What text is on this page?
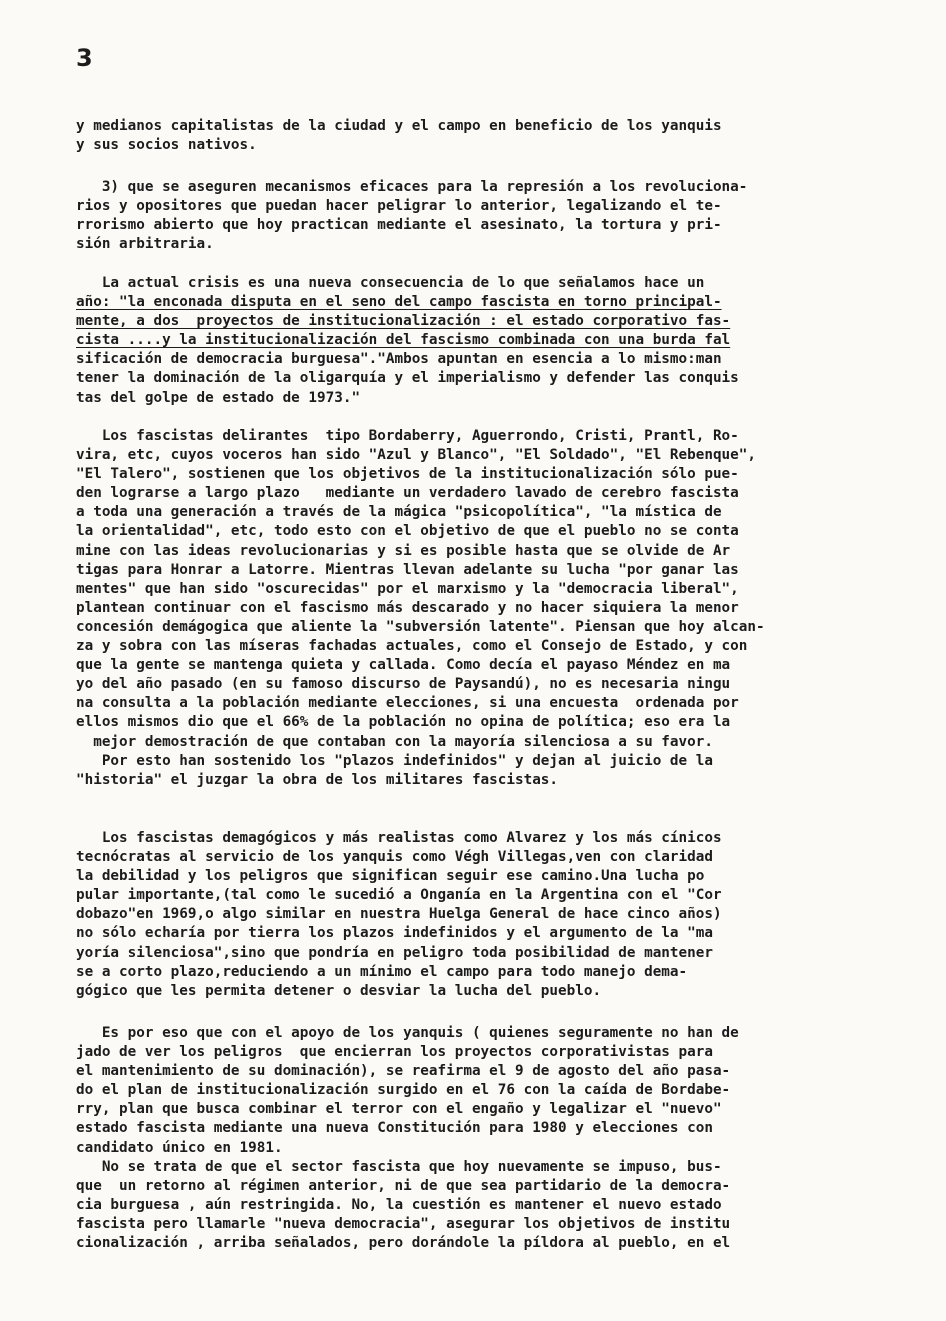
3

y medianos capitalistas de la ciudad y el campo en beneficio de los yanquis
y sus socios nativos.

3) que se aseguren mecanismos eficaces para la represión a los revoluciona-
rios y opositores que puedan hacer peligrar lo anterior, legalizando el te-
rrorismo abierto que hoy practican mediante el asesinato, la tortura y pri-
sión arbitraria.

La actual crisis es una nueva consecuencia de lo que señalamos hace un
año: "la enconada disputa en el seno del campo fascista en torno principal-
mente, a dos  proyectos de institucionalización : el estado corporativo fas-
cista ....y la institucionalización del fascismo combinada con una burda fal
sificación de democracia burguesa"."Ambos apuntan en esencia a lo mismo:man
tener la dominación de la oligarquía y el imperialismo y defender las conquis
tas del golpe de estado de 1973."

Los fascistas delirantes  tipo Bordaberry, Aguerrondo, Cristi, Prantl, Ro-
vira, etc, cuyos voceros han sido "Azul y Blanco", "El Soldado", "El Rebenque",
"El Talero", sostienen que los objetivos de la institucionalización sólo pue-
den lograrse a largo plazo   mediante un verdadero lavado de cerebro fascista
a toda una generación a través de la mágica "psicopolítica", "la mística de
la orientalidad", etc, todo esto con el objetivo de que el pueblo no se conta
mine con las ideas revolucionarias y si es posible hasta que se olvide de Ar
tigas para Honrar a Latorre. Mientras llevan adelante su lucha "por ganar las
mentes" que han sido "oscurecidas" por el marxismo y la "democracia liberal",
plantean continuar con el fascismo más descarado y no hacer siquiera la menor
concesión demágogica que aliente la "subversión latente". Piensan que hoy alcan-
za y sobra con las míseras fachadas actuales, como el Consejo de Estado, y con
que la gente se mantenga quieta y callada. Como decía el payaso Méndez en ma
yo del año pasado (en su famoso discurso de Paysandú), no es necesaria ningu
na consulta a la población mediante elecciones, si una encuesta  ordenada por
ellos mismos dio que el 66% de la población no opina de política; eso era la
mejor demostración de que contaban con la mayoría silenciosa a su favor.
Por esto han sostenido los "plazos indefinidos" y dejan al juicio de la
"historia" el juzgar la obra de los militares fascistas.

Los fascistas demagógicos y más realistas como Alvarez y los más cínicos
tecnócratas al servicio de los yanquis como Végh Villegas,ven con claridad
la debilidad y los peligros que significan seguir ese camino.Una lucha po
pular importante,(tal como le sucedió a Onganía en la Argentina con el "Cor
dobazo"en 1969,o algo similar en nuestra Huelga General de hace cinco años)
no sólo echaría por tierra los plazos indefinidos y el argumento de la "ma
yoría silenciosa",sino que pondría en peligro toda posibilidad de mantener
se a corto plazo,reduciendo a un mínimo el campo para todo manejo dema-
gógico que les permita detener o desviar la lucha del pueblo.

Es por eso que con el apoyo de los yanquis ( quienes seguramente no han de
jado de ver los peligros  que encierran los proyectos corporativistas para
el mantenimiento de su dominación), se reafirma el 9 de agosto del año pasa-
do el plan de institucionalización surgido en el 76 con la caída de Bordabe-
rry, plan que busca combinar el terror con el engaño y legalizar el "nuevo"
estado fascista mediante una nueva Constitución para 1980 y elecciones con
candidato único en 1981.
No se trata de que el sector fascista que hoy nuevamente se impuso, bus-
que  un retorno al régimen anterior, ni de que sea partidario de la democra-
cia burguesa , aún restringida. No, la cuestión es mantener el nuevo estado
fascista pero llamarle "nueva democracia", asegurar los objetivos de institu
cionalización , arriba señalados, pero dorándole la píldora al pueblo, en el
